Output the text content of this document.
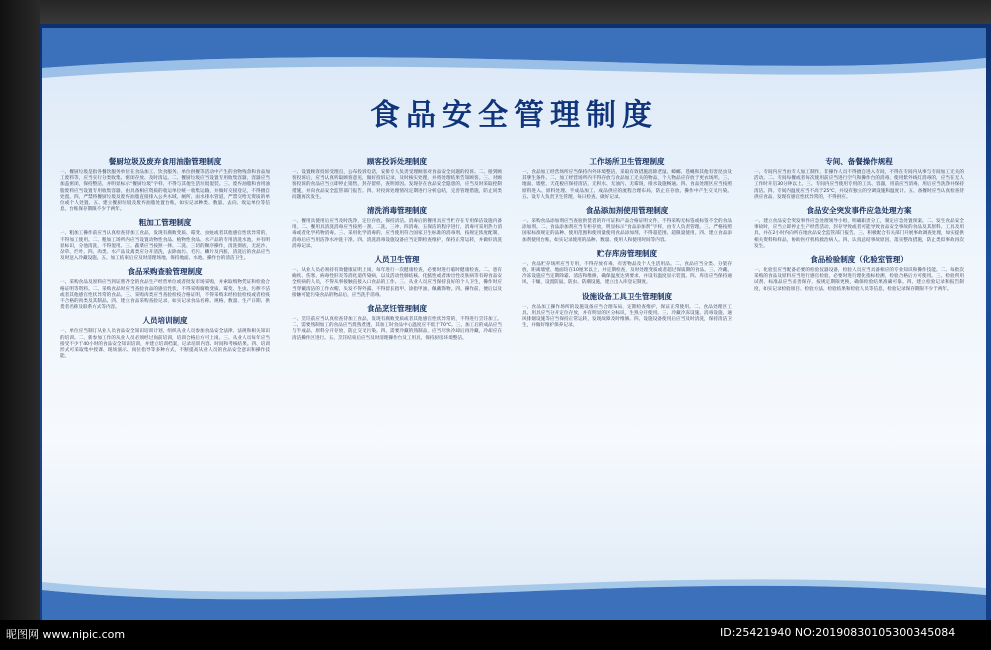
食品安全管理制度
餐厨垃圾及废弃食用油脂管理制度

一、餐厨垃圾是指各餐饮服务单位在食品加工、饮食服务、单位供餐等活动中产生的食物残余和食品加工废料等，应当实行分类收集、密闭存放、及时清运。二、餐厨垃圾应当设置专用收集容器，容器应当加盖密闭，保持整洁，并明显标示“餐厨垃圾”字样，不得与其他生活垃圾混装。三、废弃油脂和食用油脂废料应当设置专用收集容器，由具备相应资质的收运单位统一收集运输，并做好交接登记，不得擅自处置。四、严禁将餐厨垃圾及废弃油脂直接排入公共水域、厕所、雨水排水管道，严禁交给无资质的单位或个人处置。五、建立餐厨垃圾及废弃油脂处置台账，如实记录种类、数量、去向、收运单位等信息，台账保存期限不少于两年。

粗加工管理制度

一、粗加工操作前应当认真检查待加工食品，发现有腐败变质、霉变、虫蛀或者其他感官性状异常的，不得加工使用。二、粗加工场所内应当设置动物性食品、植物性食品、水产品的专用清洗水池，并有明显标识，分池清洗，不得混用。三、蔬菜应当按照一择、二洗、三切的顺序操作，清洗彻底，无泥沙、杂草、烂叶。四、肉类、水产品及禽类应分开清洗，去除血污、毛污、鳞片及内脏，清洗后的食品应当及时送入冷藏设施。五、加工结束后应及时清理场地，保持地面、水池、操作台的清洁卫生。

食品采购查验管理制度

一、采购食品及原料应当到证照齐全的食品生产经营单位或者批发市场采购，并索取购物凭证和检验合格证明等资料。二、采购食品时应当查验食品的感官性状，不得采购腐败变质、霉变、生虫、污秽不洁或者其他感官性状异常的食品。三、采购肉类应当查验检疫合格证明，不得采购未经检验检疫或者检疫不合格的肉类及其制品。四、建立食品采购查验记录，如实记录食品名称、规格、数量、生产日期、供货者名称及联系方式等内容。

人员培训制度

一、单位应当制订从业人员食品安全知识培训计划，组织从业人员参加食品安全法律、法规和相关知识的培训。二、新参加工作的从业人员必须经过岗前培训，培训合格后方可上岗。三、从业人员每年应当接受不少于40小时的食品安全知识培训，并建立培训档案，记录培训内容、时间和考核结果。四、培训形式可采取集中授课、现场演示、岗位指导等多种方式，不断提高从业人员的食品安全意识和操作技能。

顾客投诉处理制度

一、设置顾客投诉受理点，公布投诉电话，安排专人负责受理顾客对食品安全问题的投诉。二、接到顾客投诉后，应当认真听取顾客意见，做好投诉记录，及时核实处理，并将处理结果告知顾客。三、对顾客投诉的食品应当立即停止销售，封存留样，查明原因。发现存在食品安全隐患的，应当及时采取控制措施，并向食品安全监管部门报告。四、对投诉处理情况定期进行分析总结，完善管理措施，防止同类问题再次发生。

清洗消毒管理制度

一、餐用具使用后应当及时洗净，定位存放，保持清洁。消毒后的餐用具应当贮存在专用保洁设施内备用。二、餐用具清洗消毒应当按照一刮、二洗、三冲、四消毒、五保洁的程序进行，消毒可采用热力消毒或者化学药物消毒。三、采用化学消毒的，应当使用符合国家卫生标准的消毒剂，按规定浓度配制，消毒后应当用洁净水冲洗干净。四、清洗消毒设施设备应当定期检查维护，保持正常运转，并做好清洗消毒记录。

人员卫生管理

一、从业人员必须持有效健康证明上岗，每年进行一次健康检查，必要时进行临时健康检查。二、患有痢疾、伤寒、病毒性肝炎等消化道传染病，以及活动性肺结核、化脓性或者渗出性皮肤病等有碍食品安全疾病的人员，不得从事接触直接入口食品的工作。三、从业人员应当保持良好的个人卫生，操作时应当穿戴清洁的工作衣帽，头发不得外露，不得留长指甲、涂指甲油、佩戴饰物。四、操作前、便后以及接触可能污染食品的物品后，应当洗手消毒。

食品烹饪管理制度

一、烹饪前应当认真检查待加工食品，发现有腐败变质或者其他感官性状异常的，不得进行烹饪加工。二、需要熟制加工的食品应当烧熟煮透，其加工时食品中心温度应不低于70℃。三、加工后的成品应当与半成品、原料分开存放，防止交叉污染。四、需要冷藏的熟制品，应当尽快冷却后再冷藏，冷却应在清洁操作区进行。五、烹饪结束后应当及时清理操作台及工用具，保持厨房环境整洁。

工作场所卫生管理制度

一、食品加工经营场所应当保持内外环境整洁，采取有效措施消除老鼠、蟑螂、苍蝇和其他有害昆虫及其孳生条件。二、加工经营场所内不得存放与食品加工无关的物品，个人物品应存放于更衣场所。三、地面、墙壁、天花板应保持清洁，无积水、无油污、无霉斑，排水设施畅通。四、食品处理区应当按照原料进入、原料处理、半成品加工、成品供应的流程合理布局，防止在存放、操作中产生交叉污染。五、设专人负责卫生管理，每日检查，做好记录。

食品添加剂使用管理制度

一、采购食品添加剂应当查验供货者的许可证和产品合格证明文件，不得采购无标签或标签不全的食品添加剂。二、食品添加剂应当专柜存放，明显标示“食品添加剂”字样，由专人负责管理。三、严格按照国家标准规定的品种、使用范围和使用量使用食品添加剂，不得超范围、超限量使用。四、建立食品添加剂使用台账，如实记录使用的品种、数量、使用人和使用时间等内容。

贮存库房管理制度

一、食品贮存场所应当专用，不得存放有毒、有害物品及个人生活用品。二、食品应当分类、分架存放，距离墙壁、地面均在10厘米以上，并定期检查，及时处理变质或者超过保质期的食品。三、冷藏、冷冻设施应当定期除霜、清洁和维修，确保温度达到要求，并设有温度显示装置。四、库房应当保持通风、干燥，设置防鼠、防虫、防潮设施，建立出入库登记制度。

设施设备工具卫生管理制度

一、食品加工操作场所的设施设备应当合理布局，定期检查维护，保证正常使用。二、食品处理区工具、用具应当分开定位存放，并有明显的区分标识，生熟分开使用。三、冷藏冷冻设施、消毒设施、通风排烟设施等应当保持正常运转，发现故障及时维修。四、设施设备使用后应当及时清洗，保持清洁卫生，并做好维护保养记录。

专间、备餐操作规程

一、专间内应当由专人加工制作，非操作人员不得擅自进入专间，不得在专间内从事与专间加工无关的活动。二、专间每餐或者每次使用前应当进行空气和操作台的消毒，使用紫外线灯消毒的，应当在无人工作时开启30分钟以上。三、专间内应当使用专用的工具、容器，用前应当消毒，用后应当洗净并保持清洁。四、专间内温度应当不高于25℃，并设有独立的空调设施和温度计。五、备餐时应当认真检查待供应食品，发现有感官性状异常的，不得供应。

食品安全突发事件应急处理方案

一、建立食品安全突发事件应急处理领导小组，明确职责分工，制定应急处置预案。二、发生食品安全事故时，应当立即停止生产经营活动，封存导致或者可能导致食品安全事故的食品及其原料、工具及用具，并在2小时内向所在地食品安全监管部门报告。三、积极配合有关部门开展事故调查处理，如实提供相关资料和样品，协助医疗机构救治病人。四、认真总结事故原因，落实整改措施，防止类似事故再次发生。

食品检验制度（化验室管理）

一、化验室应当配备必要的检验仪器设备，检验人员应当具备相应的专业知识和操作技能。二、每批次采购的食品及原料应当进行感官检验，必要时进行理化指标检测，检验合格后方可使用。三、检验所用试剂、标准品应当妥善保存，按规定期限更换，确保检验结果准确可靠。四、建立检验记录和报告制度，如实记录检验项目、检验方法、检验结果和检验人员等信息，检验记录保存期限不少于两年。

昵图网 www.nipic.com	ID:25421940 NO:20190830105300345084
